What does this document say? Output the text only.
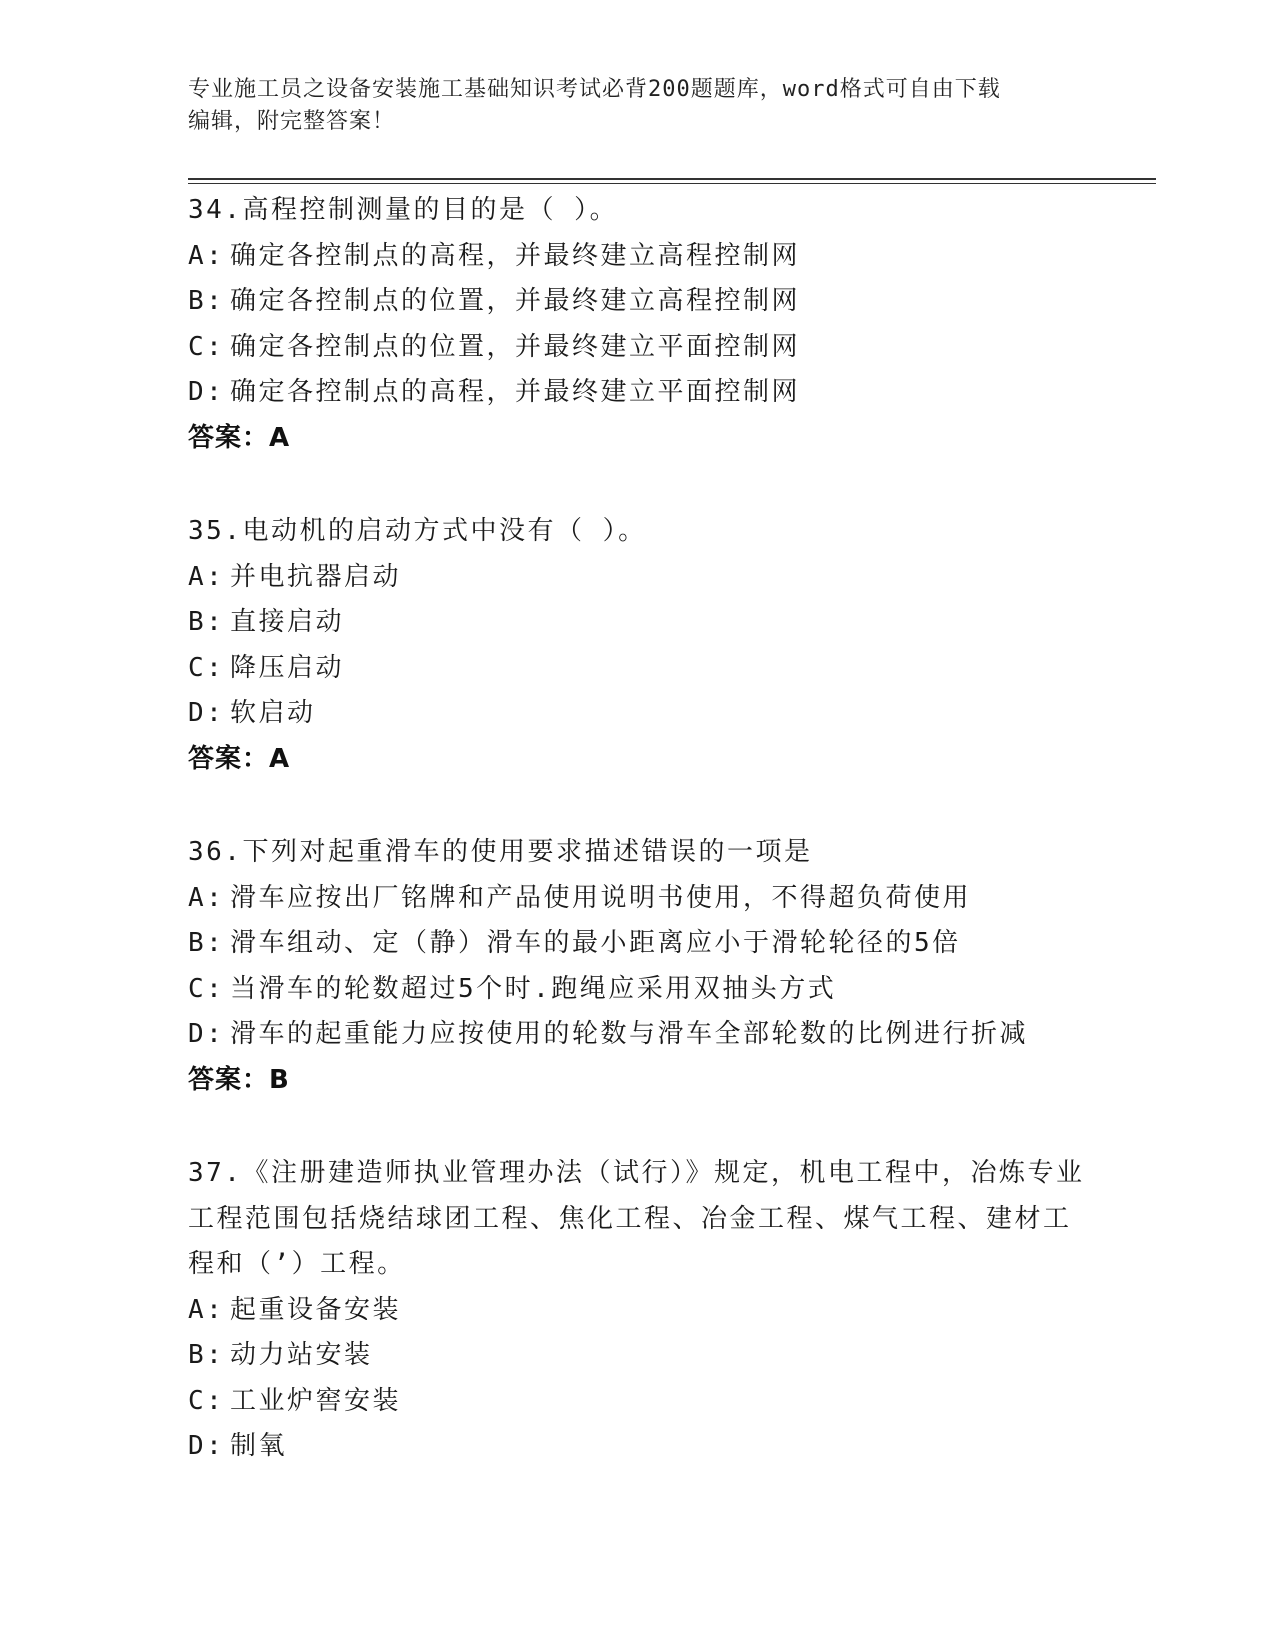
专业施工员之设备安装施工基础知识考试必背200题题库，word格式可自由下载
编辑，附完整答案！
34.高程控制测量的目的是（ ）。
A: 确定各控制点的高程，并最终建立高程控制网
B: 确定各控制点的位置，并最终建立高程控制网
C: 确定各控制点的位置，并最终建立平面控制网
D: 确定各控制点的高程，并最终建立平面控制网
答案：A
35.电动机的启动方式中没有（ ）。
A: 并电抗器启动
B: 直接启动
C: 降压启动
D: 软启动
答案：A
36.下列对起重滑车的使用要求描述错误的一项是
A: 滑车应按出厂铭牌和产品使用说明书使用，不得超负荷使用
B: 滑车组动、定（静）滑车的最小距离应小于滑轮轮径的5倍
C: 当滑车的轮数超过5个时.跑绳应采用双抽头方式
D: 滑车的起重能力应按使用的轮数与滑车全部轮数的比例进行折减
答案：B
37.《注册建造师执业管理办法（试行）》规定，机电工程中，冶炼专业工程范围包括烧结球团工程、焦化工程、冶金工程、煤气工程、建材工程和（’）工程。
A: 起重设备安装
B: 动力站安装
C: 工业炉窖安装
D: 制氧
